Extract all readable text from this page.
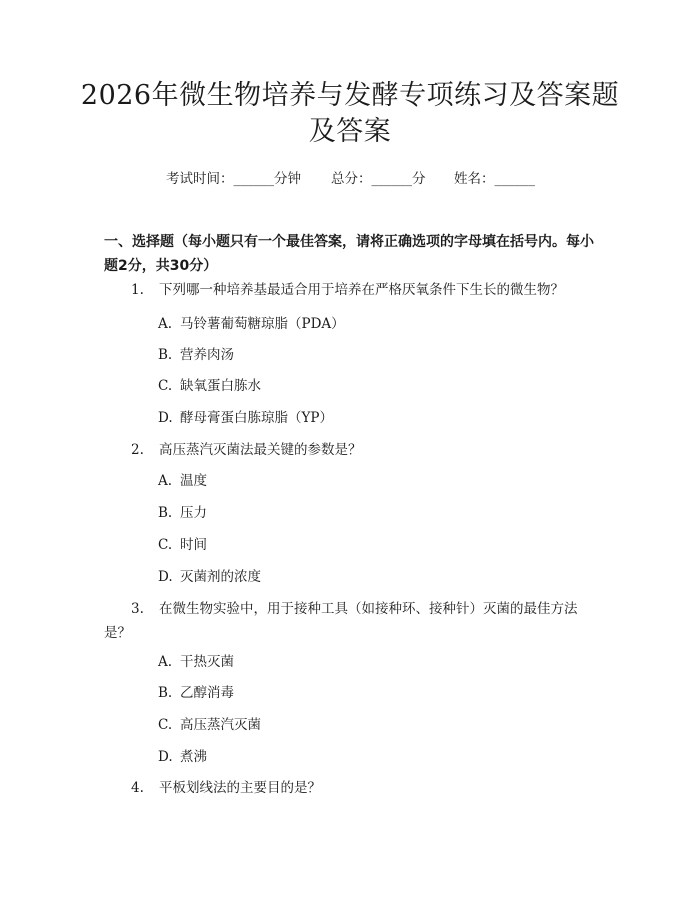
2026年微生物培养与发酵专项练习及答案题及答案
考试时间：______分钟 总分：______分 姓名：______

一、选择题（每小题只有一个最佳答案，请将正确选项的字母填在括号内。每小题2分，共30分）

1. 下列哪一种培养基最适合用于培养在严格厌氧条件下生长的微生物？
A. 马铃薯葡萄糖琼脂（PDA）
B. 营养肉汤
C. 缺氧蛋白胨水
D. 酵母膏蛋白胨琼脂（YP）
2. 高压蒸汽灭菌法最关键的参数是？
A. 温度
B. 压力
C. 时间
D. 灭菌剂的浓度
3. 在微生物实验中，用于接种工具（如接种环、接种针）灭菌的最佳方法是？
A. 干热灭菌
B. 乙醇消毒
C. 高压蒸汽灭菌
D. 煮沸
4. 平板划线法的主要目的是？
